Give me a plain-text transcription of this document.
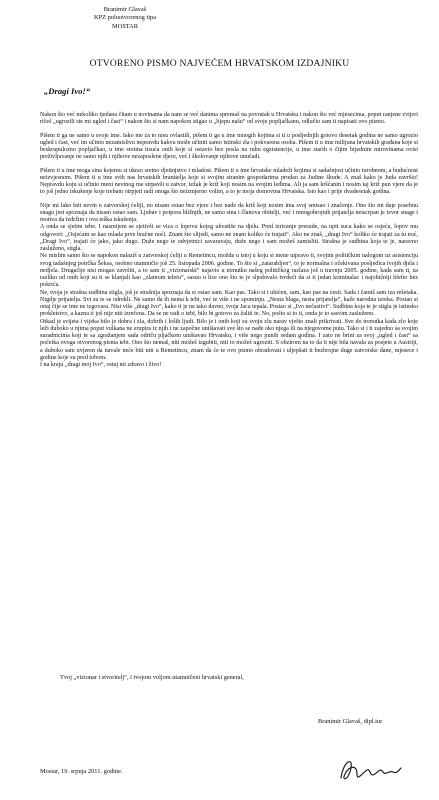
Branimir Glavaš
KPZ poluotvorenog tipa
MOSTAR
OTVORENO PISMO NAJVEĆEM HRVATSKOM IZDAJNIKU
„Dragi Ivo!“

Nakon što već nekoliko tjedana čitam u novinama da nam se već danima spremaš na povratak u Hrvatsku i nakon što već mjesecima, poput ranjene zvijeri ričeš „ugrozili ste mi ugled i čast“ i nakon što si nam napokon stigao u „lijepu našu“ od svoje popljačkanu, odlučio sam ti napisati ovo pismo.

Pišem ti ga ne samo u svoje ime. Iako me za to nisu ovlastili, pišem ti ga u ime mnogih kojima si ti u posljednjih gotovo desetak godina ne samo ugrozio ugled i čast, već im učinio nezamislivu nepravdu kakvu može učiniti samo istinski zla i pokvarena osoba. Pišem ti u ime milijuna hrvatskih građana koje si beskrupulozno popljačkao, u ime stotina tisuća onih koje si ostavio bez posla na rubu egzistencije, u ime starih o čijim bijednim mirovinama ovisi preživljavanje ne samo njih i njihove nezaposlene djece, već i školovanje njihove unučadi.

Pišem ti u ime moga sina kojemu si ukrao sretno djetinjstvo i mladost. Pišem ti u ime hrvatske mladeži kojima si sadašnjost učinio turobnom, a budućnost neizvjesnom. Pišem ti u ime svih nas hrvatskih branitelja koje si svojim stranim gospodarima prodao za Judine škude. A znaš kako je Juda završio! Nepravdu koju si učinio meni nevinog me strpavši u zatvor, težak je križ koji nosim na svojim leđima. Ali ja sam kršćanin i nosim taj križ pun vjere da je to još jedno iskušenje koje trebam otrpjeti radi onoga što neizmjerno volim, a to je moja domovina Hrvatska. Isto kao i prije dvadesetak godina.

Nije mi lako biti nevin u zatvorskoj ćeliji, no nisam ostao bez vjere i bez nade da križ koji nosim ima svoj smisao i značenje. Ono što mi daje posebnu snagu jest spoznaja da nisam ostao sam. Ljubav i potpora bližnjih, ne samo sina i članova obitelji, već i mnogobrojnih prijatelja neiscrpan je izvor snage i motiva da izdržim i ova teška iskušenja.

A onda se sjetim tebe. I nasmijem se sjetivši se vica o lopovu kojeg uhvatiše na djelu. Pred izricanje presude, na upit suca kako se osjeća, lopov mu odgovori: „Osjećam se kao mlada prve bračne noći. Znam što slijedi, samo ne znam koliko će trajati“. Ako ne znaš, „dragi Ivo“ koliko će trajati za tu noć, „Dragi Ivo“, trajati će jako, jako dugo. Duže nego te odvjetnici zavaravaju, duže nego i sam možeš zamisliti. Strašna je sudbina koja te je, naravno zasluženo, stigla.

Ne mislim samo što se napokon nalaziš u zatvorskoj ćeliji u Remetincu, možda u istoj u koju si mene utpravo ti, svojim političkim nalogom uz asistenciju svog tadašnjeg potrčka Šeksa, osobno utamničio još 25. listopada 2006. godine. To što si „zatarabljen“, to je normalna i očekivana posljedica tvojih djela i nedjela. Drugačije nisi mogao završiti, a to sam ti „vizionarski“ najavio u trenutku našeg političkog razlaza još u travnju 2005. godine, kada sam ti, za razliku od onih koji su ti se klanjali kao „zlatnom teletu“, sasuo u lice ono što te je sljedovalo tvrdeći da si ti jedan kriminalac i najobičniji blefer bez pokrića.

Ne, tvoja je strašna sudbina stigla, još je strašnija spoznaja da si ostao sam. Kao pas. Tako si i uhićen, sam, kao pas na cesti. Sada i čamiš sam iza rešetaka. Nigdje prijatelja. Svi su te se odrekli. Ne samo da ih nema k tebi, već te više i ne spominju. „Nesta blaga, nesta prijatelja“, kaže narodna izreka. Postao si onaj čije se ime ne izgovara. Nisi više „dragi Ivo“, kako ti je ne tako davno, tvoja Jaca tepala. Postao si „Ivo nečastivi“. Sudbina koja te je stigla je istinsko prokletstvo, a kazna ti još nije niti izrečena. Da se ne radi o tebi, bilo bi gotovo za žaliti te. No, pošto si to ti, onda je to sasvim zasluženo.

Otkad je svijeta i vijeka bilo je dobra i zla, dobrih i loših ljudi. Bilo je i onih koji su svoju zlu narav vješto znali prikrivati. Sve do trenutka kada zlo koje leži duboko u njima poput vulkana ne erupira iz njih i ne započne uništavati sve što se nađe oko njega ili na njegovome putu. Tako si i ti zajedno sa svojim suradnicima koji te sa zgražanjem sada odriču pljačkom uništavao Hrvatsku, i više nego punih sedam godina. I zato ne brini za svoj „ugled i čast“ sa početka ovoga otvorenog pisma tebi. Ono što nemaš, niti možeš izgubiti, niti to možeš ugroziti. S obzirom na to da ti nije bila navala za posjete u Austriji, a duboko sam uvjeren da navale neće biti niti u Remetincu, znam da će te ovo pismo obradovati i uljepšati ti bezbrojne duge zatvorske dane, mjesece i godine koje su pred tobom.

I na kraju „dragi moj Ivo“, ostaj mi zdravo i živo!

Tvoj „vizionar i stvoritelj“, i tvojom voljom utamničeni hrvatski general,
Branimir Glavaš, dipl.iur
Mostar, 19. srpnja 2011. godine.
